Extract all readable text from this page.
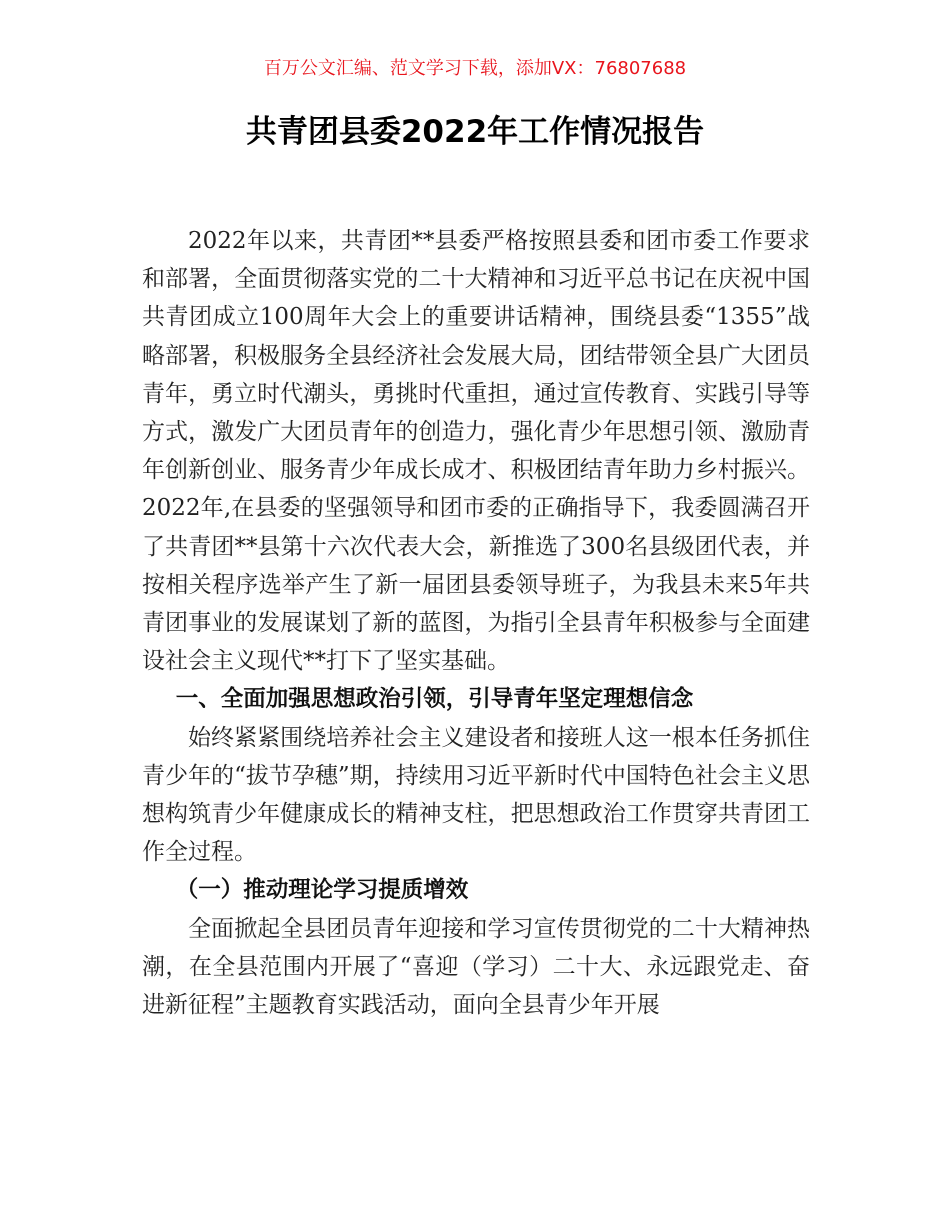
百万公文汇编、范文学习下载，添加VX：76807688
共青团县委2022年工作情况报告

2022年以来，共青团**县委严格按照县委和团市委工作要求和部署，全面贯彻落实党的二十大精神和习近平总书记在庆祝中国共青团成立100周年大会上的重要讲话精神，围绕县委“1355”战略部署，积极服务全县经济社会发展大局，团结带领全县广大团员青年，勇立时代潮头，勇挑时代重担，通过宣传教育、实践引导等方式，激发广大团员青年的创造力，强化青少年思想引领、激励青年创新创业、服务青少年成长成才、积极团结青年助力乡村振兴。2022年,在县委的坚强领导和团市委的正确指导下，我委圆满召开了共青团**县第十六次代表大会，新推选了300名县级团代表，并按相关程序选举产生了新一届团县委领导班子，为我县未来5年共青团事业的发展谋划了新的蓝图，为指引全县青年积极参与全面建设社会主义现代**打下了坚实基础。

一、全面加强思想政治引领，引导青年坚定理想信念

始终紧紧围绕培养社会主义建设者和接班人这一根本任务抓住青少年的“拔节孕穗”期，持续用习近平新时代中国特色社会主义思想构筑青少年健康成长的精神支柱，把思想政治工作贯穿共青团工作全过程。

（一）推动理论学习提质增效

全面掀起全县团员青年迎接和学习宣传贯彻党的二十大精神热潮，在全县范围内开展了“喜迎（学习）二十大、永远跟党走、奋进新征程”主题教育实践活动，面向全县青少年开展
